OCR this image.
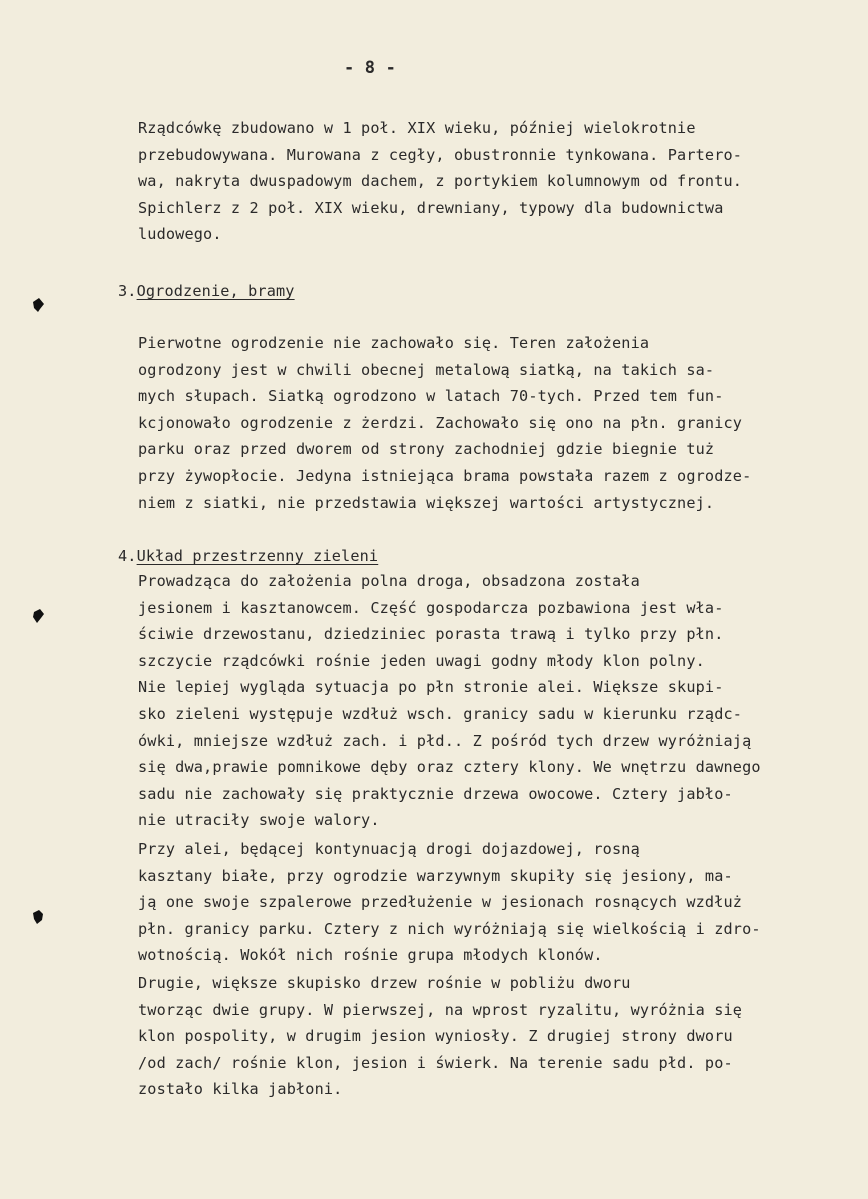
- 8 -

Rządcówkę zbudowano w 1 poł. XIX wieku, później wielokrotnie
przebudowywana. Murowana z cegły, obustronnie tynkowana. Partero-
wa, nakryta dwuspadowym dachem, z portykiem kolumnowym od frontu.
Spichlerz z 2 poł. XIX wieku, drewniany, typowy dla budownictwa
ludowego.

3.Ogrodzenie, bramy

Pierwotne ogrodzenie nie zachowało się. Teren założenia
ogrodzony jest w chwili obecnej metalową siatką, na takich sa-
mych słupach. Siatką ogrodzono w latach 70-tych. Przed tem fun-
kcjonowało ogrodzenie z żerdzi. Zachowało się ono na płn. granicy
parku oraz przed dworem od strony zachodniej gdzie biegnie tuż
przy żywopłocie. Jedyna istniejąca brama powstała razem z ogrodze-
niem z siatki, nie przedstawia większej wartości artystycznej.

4.Układ przestrzenny zieleni

Prowadząca do założenia polna droga, obsadzona została
jesionem i kasztanowcem. Część gospodarcza pozbawiona jest wła-
ściwie drzewostanu, dziedziniec porasta trawą i tylko przy płn.
szczycie rządcówki rośnie jeden uwagi godny młody klon polny.
Nie lepiej wygląda sytuacja po płn stronie alei. Większe skupi-
sko zieleni występuje wzdłuż wsch. granicy sadu w kierunku rządc-
ówki, mniejsze wzdłuż zach. i płd.. Z pośród tych drzew wyróżniają
się dwa,prawie pomnikowe dęby oraz cztery klony. We wnętrzu dawnego
sadu nie zachowały się praktycznie drzewa owocowe. Cztery jabło-
nie utraciły swoje walory.

Przy alei, będącej kontynuacją drogi dojazdowej, rosną
kasztany białe, przy ogrodzie warzywnym skupiły się jesiony, ma-
ją one swoje szpalerowe przedłużenie w jesionach rosnących wzdłuż
płn. granicy parku. Cztery z nich wyróżniają się wielkością i zdro-
wotnością. Wokół nich rośnie grupa młodych klonów.

Drugie, większe skupisko drzew rośnie w pobliżu dworu
tworząc dwie grupy. W pierwszej, na wprost ryzalitu, wyróżnia się
klon pospolity, w drugim jesion wyniosły. Z drugiej strony dworu
/od zach/ rośnie klon, jesion i świerk. Na terenie sadu płd. po-
zostało kilka jabłoni.
